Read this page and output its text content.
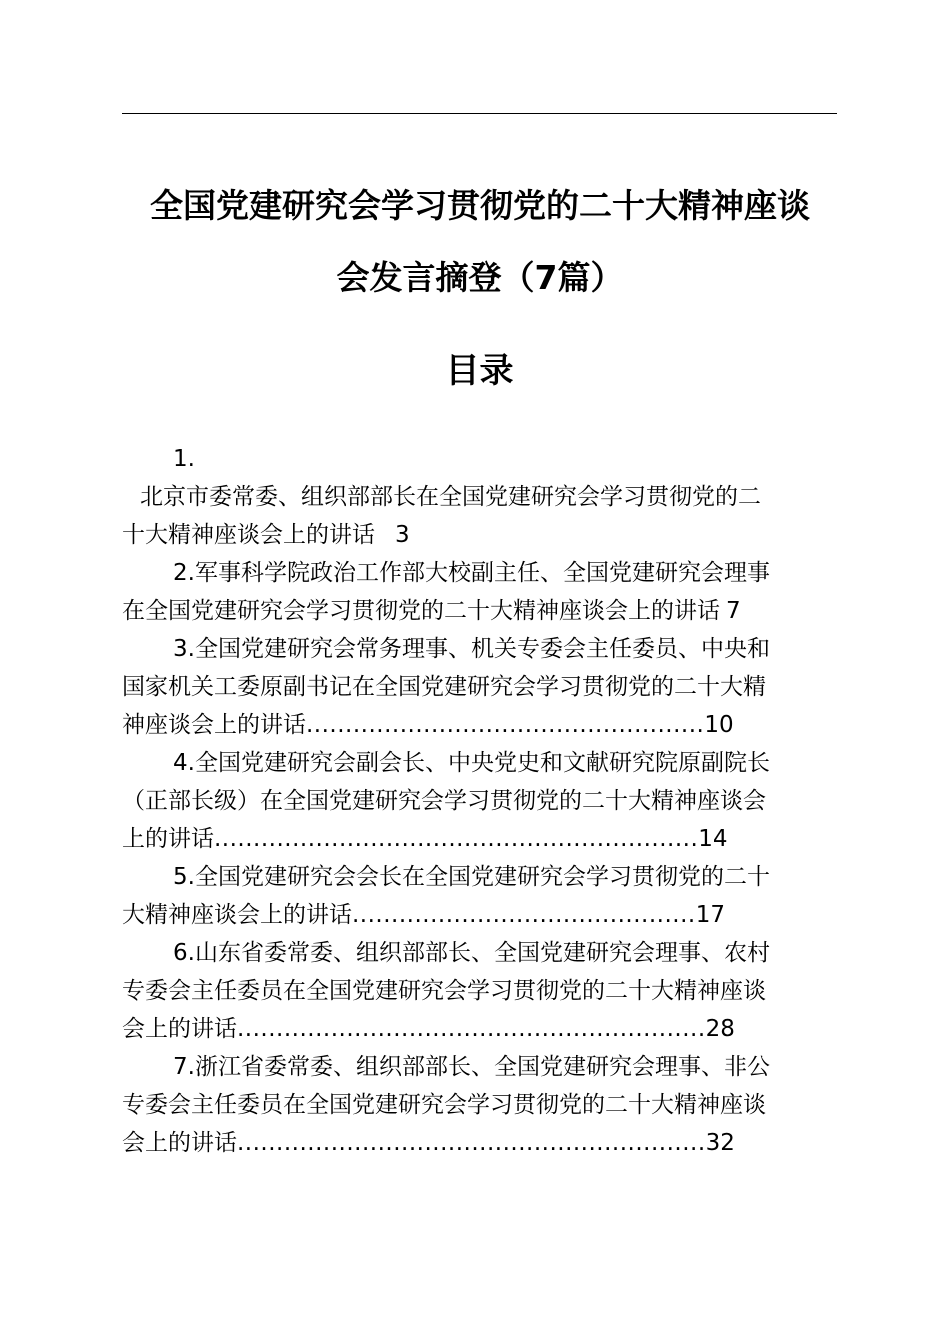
全国党建研究会学习贯彻党的二十大精神座谈
会发言摘登（7篇）
目录
1.
北京市委常委、组织部部长在全国党建研究会学习贯彻党的二
十大精神座谈会上的讲话 3
2.军事科学院政治工作部大校副主任、全国党建研究会理事
在全国党建研究会学习贯彻党的二十大精神座谈会上的讲话 7
3.全国党建研究会常务理事、机关专委会主任委员、中央和
国家机关工委原副书记在全国党建研究会学习贯彻党的二十大精
神座谈会上的讲话...................................................10
4.全国党建研究会副会长、中央党史和文献研究院原副院长
（正部长级）在全国党建研究会学习贯彻党的二十大精神座谈会
上的讲话..............................................................14
5.全国党建研究会会长在全国党建研究会学习贯彻党的二十
大精神座谈会上的讲话............................................17
6.山东省委常委、组织部部长、全国党建研究会理事、农村
专委会主任委员在全国党建研究会学习贯彻党的二十大精神座谈
会上的讲话............................................................28
7.浙江省委常委、组织部部长、全国党建研究会理事、非公
专委会主任委员在全国党建研究会学习贯彻党的二十大精神座谈
会上的讲话............................................................32
